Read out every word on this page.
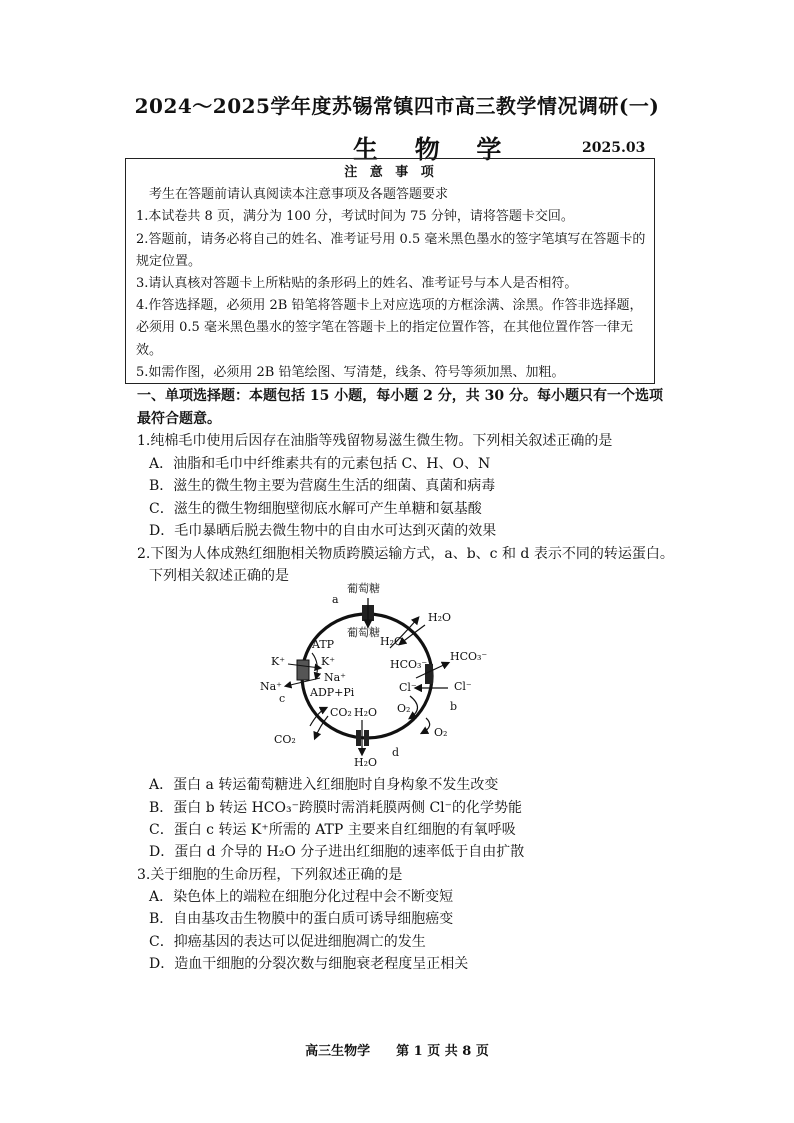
2024～2025学年度苏锡常镇四市高三教学情况调研(一)
生 物 学	2025.03
注 意 事 项

考生在答题前请认真阅读本注意事项及各题答题要求

1.本试卷共 8 页，满分为 100 分，考试时间为 75 分钟，请将答题卡交回。

2.答题前，请务必将自己的姓名、准考证号用 0.5 毫米黑色墨水的签字笔填写在答题卡的规定位置。

3.请认真核对答题卡上所粘贴的条形码上的姓名、准考证号与本人是否相符。

4.作答选择题，必须用 2B 铅笔将答题卡上对应选项的方框涂满、涂黑。作答非选择题，必须用 0.5 毫米黑色墨水的签字笔在答题卡上的指定位置作答，在其他位置作答一律无效。

5.如需作图，必须用 2B 铅笔绘图、写清楚，线条、符号等须加黑、加粗。

一、单项选择题：本题包括 15 小题，每小题 2 分，共 30 分。每小题只有一个选项最符合题意。
1.纯棉毛巾使用后因存在油脂等残留物易滋生微生物。下列相关叙述正确的是
A．油脂和毛巾中纤维素共有的元素包括 C、H、O、N
B．滋生的微生物主要为营腐生生活的细菌、真菌和病毒
C．滋生的微生物细胞壁彻底水解可产生单糖和氨基酸
D．毛巾暴晒后脱去微生物中的自由水可达到灭菌的效果
2.下图为人体成熟红细胞相关物质跨膜运输方式，a、b、c 和 d 表示不同的转运蛋白。
下列相关叙述正确的是
葡萄糖
葡萄糖
a
H₂O
H₂O
HCO₃⁻
HCO₃⁻
Cl⁻	Cl⁻
b
O₂
O₂
ATP
K⁺
K⁺
Na⁺
Na⁺	ADP+Pi
c
CO₂
CO₂
H₂O
H₂O
d
A．蛋白 a 转运葡萄糖进入红细胞时自身构象不发生改变
B．蛋白 b 转运 HCO₃⁻跨膜时需消耗膜两侧 Cl⁻的化学势能
C．蛋白 c 转运 K⁺所需的 ATP 主要来自红细胞的有氧呼吸
D．蛋白 d 介导的 H₂O 分子进出红细胞的速率低于自由扩散
3.关于细胞的生命历程，下列叙述正确的是
A．染色体上的端粒在细胞分化过程中会不断变短
B．自由基攻击生物膜中的蛋白质可诱导细胞癌变
C．抑癌基因的表达可以促进细胞凋亡的发生
D．造血干细胞的分裂次数与细胞衰老程度呈正相关
高三生物学　　第 1 页 共 8 页
